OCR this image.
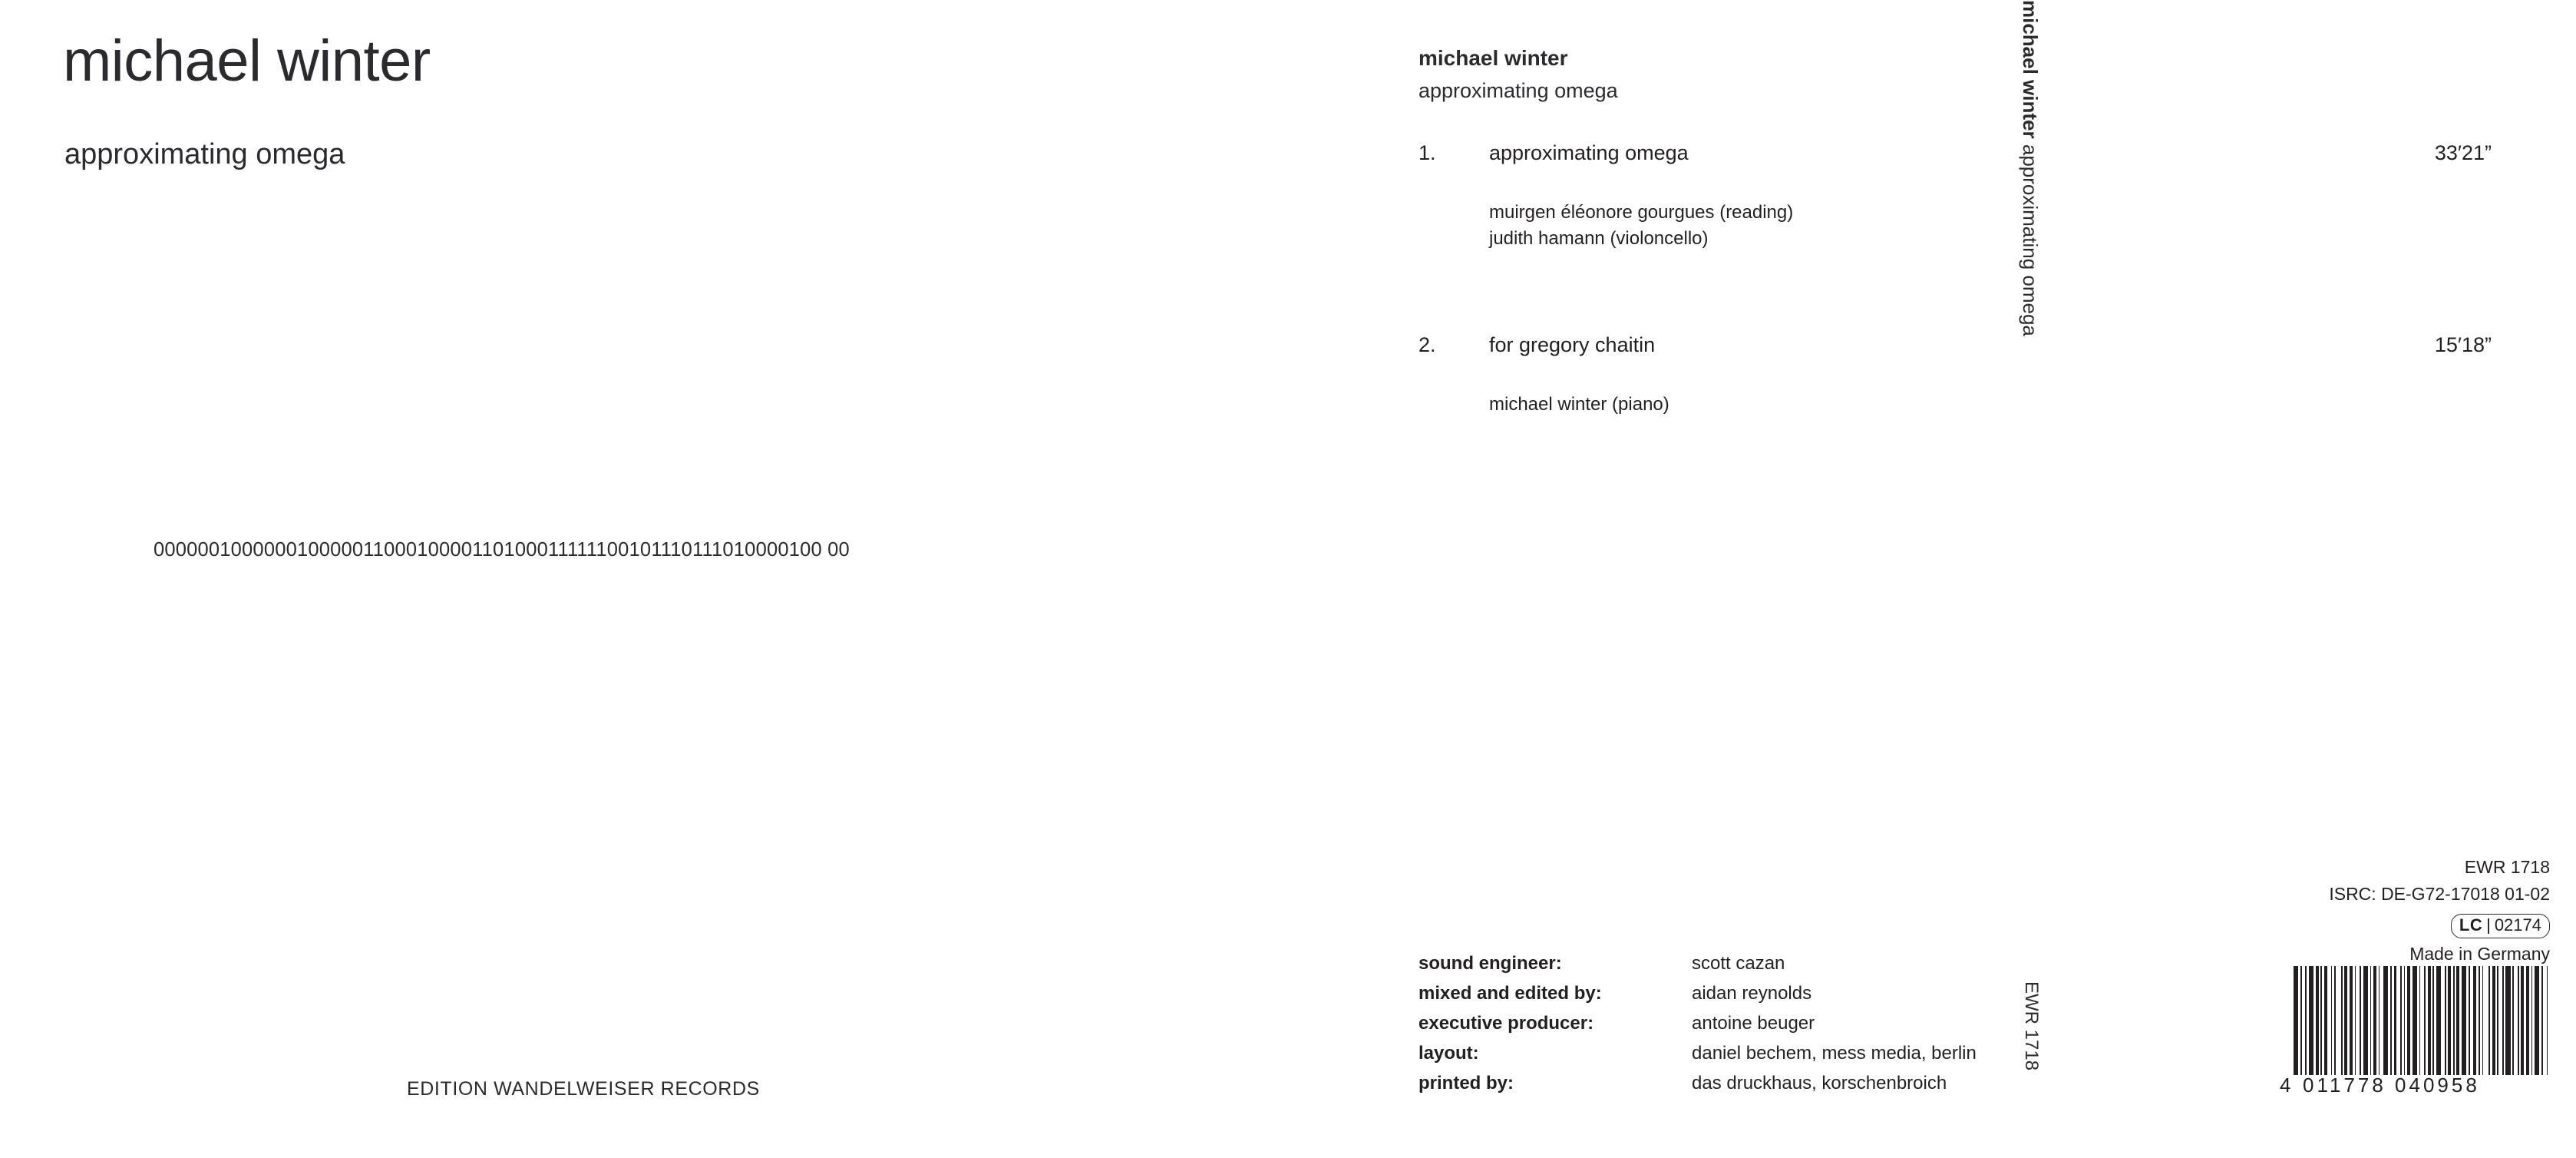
michael winter
approximating omega
00000010000001000001100010000110100011111100101110111010000100 00
EDITION WANDELWEISER RECORDS
michael winter approximating omega
EWR 1718
michael winter
approximating omega
1.	approximating omega	33′21”
muirgen éléonore gourgues (reading)
judith hamann (violoncello)
2.	for gregory chaitin	15′18”
michael winter (piano)
sound engineer:	scott cazan
mixed and edited by:	aidan reynolds
executive producer:	antoine beuger
layout:	daniel bechem, mess media, berlin
printed by:	das druckhaus, korschenbroich
EWR 1718
ISRC: DE-G72-17018 01-02
LC 02174
Made in Germany
4 011778 040958
